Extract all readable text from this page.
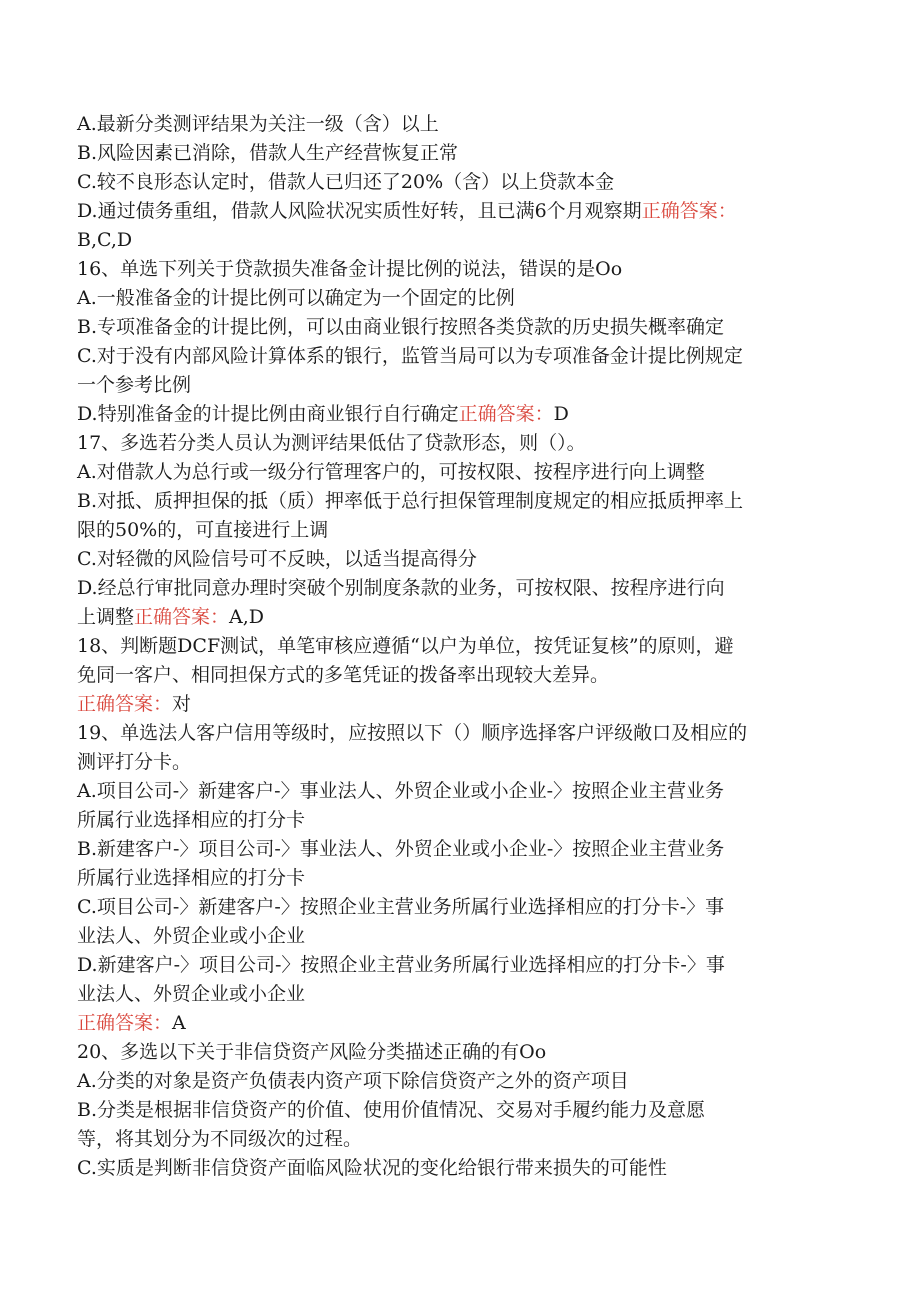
A.最新分类测评结果为关注一级（含）以上
B.风险因素已消除，借款人生产经营恢复正常
C.较不良形态认定时，借款人已归还了20%（含）以上贷款本金
D.通过债务重组，借款人风险状况实质性好转，且已满6个月观察期正确答案：
B,C,D
16、单选下列关于贷款损失准备金计提比例的说法，错误的是Oo
A.一般准备金的计提比例可以确定为一个固定的比例
B.专项准备金的计提比例，可以由商业银行按照各类贷款的历史损失概率确定
C.对于没有内部风险计算体系的银行，监管当局可以为专项准备金计提比例规定
一个参考比例
D.特别准备金的计提比例由商业银行自行确定正确答案：D
17、多选若分类人员认为测评结果低估了贷款形态，则（）。
A.对借款人为总行或一级分行管理客户的，可按权限、按程序进行向上调整
B.对抵、质押担保的抵（质）押率低于总行担保管理制度规定的相应抵质押率上
限的50%的，可直接进行上调
C.对轻微的风险信号可不反映，以适当提高得分
D.经总行审批同意办理时突破个别制度条款的业务，可按权限、按程序进行向
上调整正确答案：A,D
18、判断题DCF测试，单笔审核应遵循“以户为单位，按凭证复核”的原则，避
免同一客户、相同担保方式的多笔凭证的拨备率出现较大差异。
正确答案：对
19、单选法人客户信用等级时，应按照以下（）顺序选择客户评级敞口及相应的
测评打分卡。
A.项目公司-〉新建客户-〉事业法人、外贸企业或小企业-〉按照企业主营业务
所属行业选择相应的打分卡
B.新建客户-〉项目公司-〉事业法人、外贸企业或小企业-〉按照企业主营业务
所属行业选择相应的打分卡
C.项目公司-〉新建客户-〉按照企业主营业务所属行业选择相应的打分卡-〉事
业法人、外贸企业或小企业
D.新建客户-〉项目公司-〉按照企业主营业务所属行业选择相应的打分卡-〉事
业法人、外贸企业或小企业
正确答案：A
20、多选以下关于非信贷资产风险分类描述正确的有Oo
A.分类的对象是资产负债表内资产项下除信贷资产之外的资产项目
B.分类是根据非信贷资产的价值、使用价值情况、交易对手履约能力及意愿
等，将其划分为不同级次的过程。
C.实质是判断非信贷资产面临风险状况的变化给银行带来损失的可能性
